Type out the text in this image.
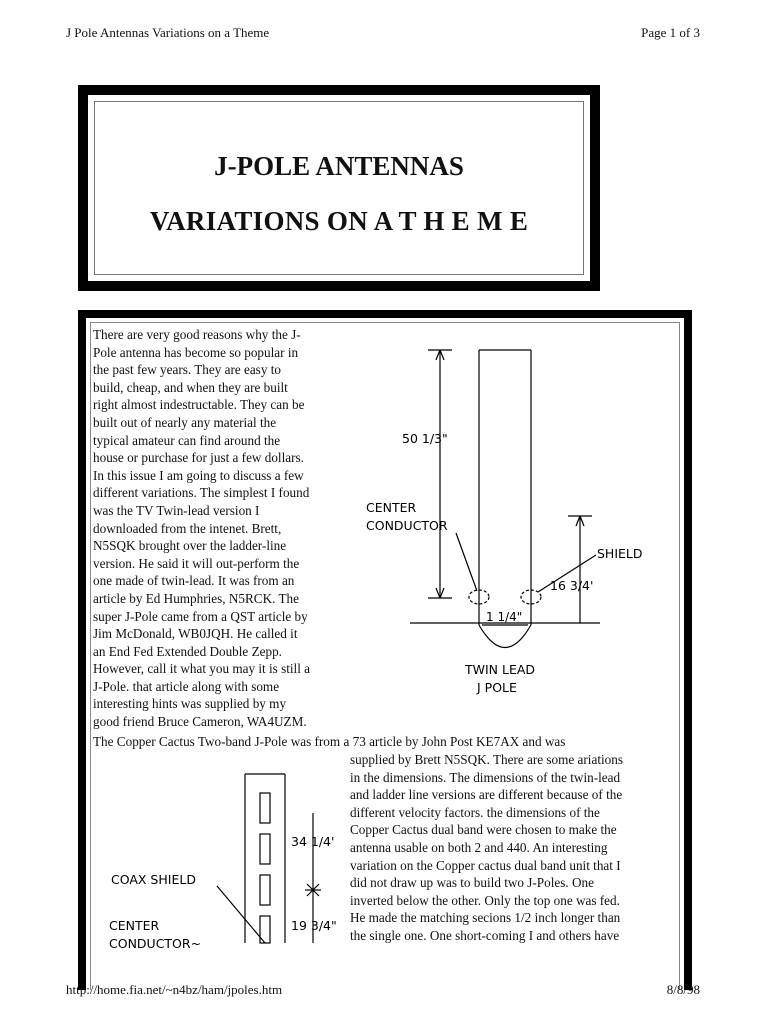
J Pole Antennas Variations on a Theme	Page 1 of 3
J-POLE ANTENNAS
VARIATIONS ON A T H E M E
There are very good reasons why the J-
Pole antenna has become so popular in
the past few years. They are easy to
build, cheap, and when they are built
right almost indestructable. They can be
built out of nearly any material the
typical amateur can find around the
house or purchase for just a few dollars.
In this issue I am going to discuss a few
different variations. The simplest I found
was the TV Twin-lead version I
downloaded from the intenet. Brett,
N5SQK brought over the ladder-line
version. He said it will out-perform the
one made of twin-lead. It was from an
article by Ed Humphries, N5RCK. The
super J-Pole came from a QST article by
Jim McDonald, WB0JQH. He called it
an End Fed Extended Double Zepp.
However, call it what you may it is still a
J-Pole. that article along with some
interesting hints was supplied by my
good friend Bruce Cameron, WA4UZM.
The Copper Cactus Two-band J-Pole was from a 73 article by John Post KE7AX and was
supplied by Brett N5SQK. There are some ariations
in the dimensions. The dimensions of the twin-lead
and ladder line versions are different because of the
different velocity factors. the dimensions of the
Copper Cactus dual band were chosen to make the
antenna usable on both 2 and 440. An interesting
variation on the Copper cactus dual band unit that I
did not draw up was to build two J-Poles. One
inverted below the other. Only the top one was fed.
He made the matching secions 1/2 inch longer than
the single one. One short-coming I and others have
50 1/3"
CENTER
CONDUCTOR
SHIELD
16 3/4'
1 1/4"
TWIN LEAD
J POLE
34 1/4'
19 3/4"
COAX SHIELD
CENTER
CONDUCTOR~
http://home.fia.net/~n4bz/ham/jpoles.htm	8/8/98
